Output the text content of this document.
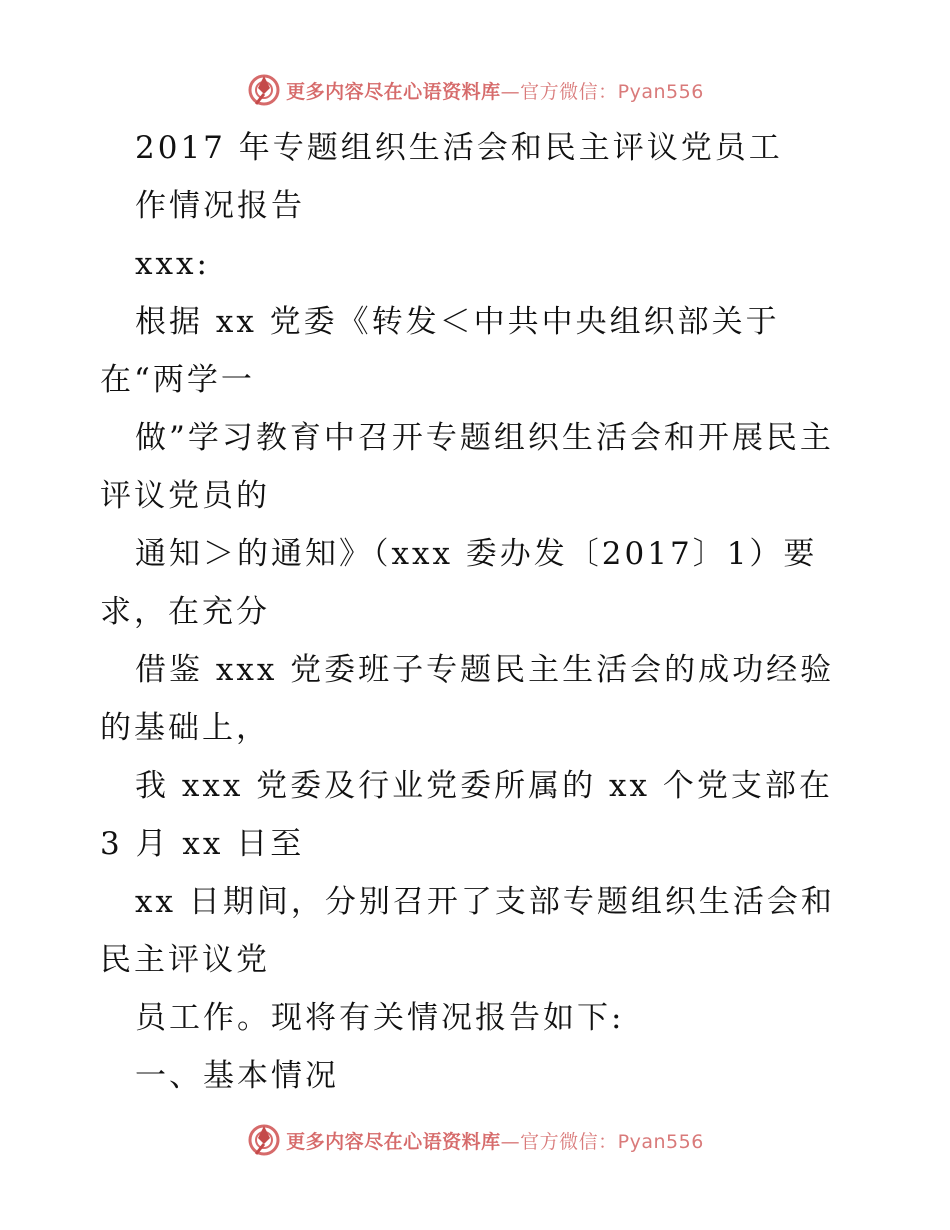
更多内容尽在心语资料库—官方微信：Pyan556
2017 年专题组织生活会和民主评议党员工
作情况报告
xxx:
根据 xx 党委《转发＜中共中央组织部关于
在“两学一
做”学习教育中召开专题组织生活会和开展民主
评议党员的
通知＞的通知》（xxx 委办发〔2017〕1）要
求，在充分
借鉴 xxx 党委班子专题民主生活会的成功经验
的基础上，
我 xxx 党委及行业党委所属的 xx 个党支部在
3 月 xx 日至
xx 日期间，分别召开了支部专题组织生活会和
民主评议党
员工作。现将有关情况报告如下:
一、基本情况
更多内容尽在心语资料库—官方微信：Pyan556
